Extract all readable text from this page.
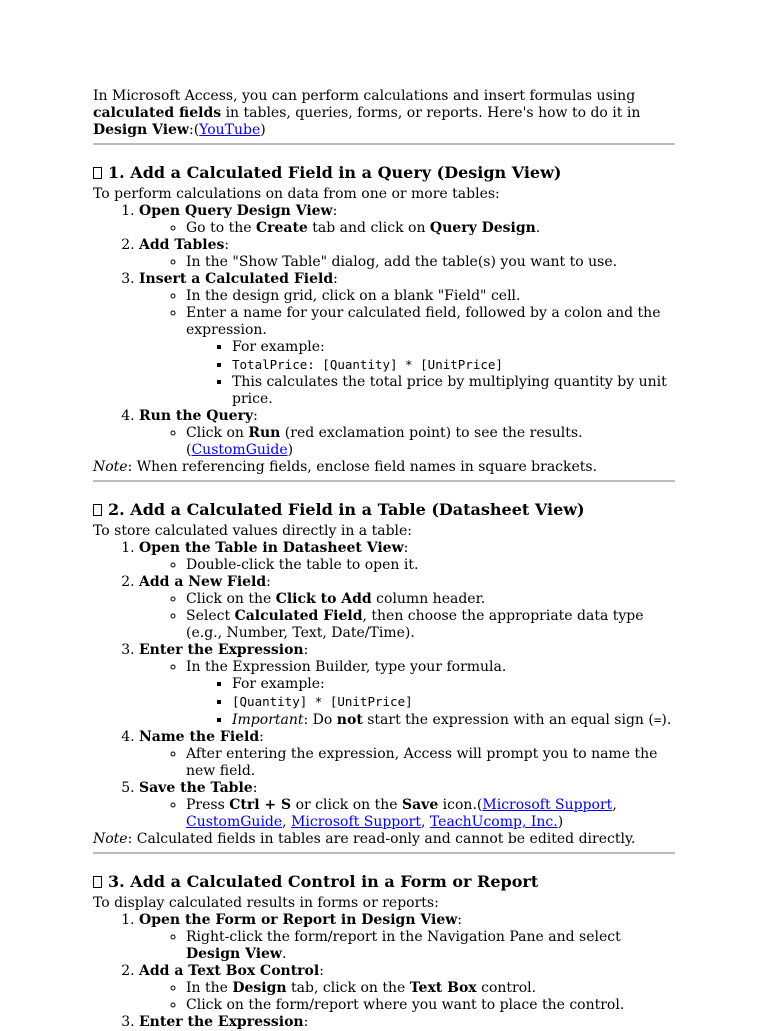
In Microsoft Access, you can perform calculations and insert formulas using calculated fields in tables, queries, forms, or reports. Here's how to do it in Design View:(YouTube)

1. Add a Calculated Field in a Query (Design View)

To perform calculations on data from one or more tables:

1. Open Query Design View:
◦ Go to the Create tab and click on Query Design.
2. Add Tables:
◦ In the "Show Table" dialog, add the table(s) you want to use.
3. Insert a Calculated Field:
◦ In the design grid, click on a blank "Field" cell.
◦ Enter a name for your calculated field, followed by a colon and the expression.
▪ For example:
▪ TotalPrice: [Quantity] * [UnitPrice]
▪ This calculates the total price by multiplying quantity by unit price.
4. Run the Query:
◦ Click on Run (red exclamation point) to see the results.(CustomGuide)

Note: When referencing fields, enclose field names in square brackets.

2. Add a Calculated Field in a Table (Datasheet View)

To store calculated values directly in a table:

1. Open the Table in Datasheet View:
◦ Double-click the table to open it.
2. Add a New Field:
◦ Click on the Click to Add column header.
◦ Select Calculated Field, then choose the appropriate data type (e.g., Number, Text, Date/Time).
3. Enter the Expression:
◦ In the Expression Builder, type your formula.
▪ For example:
▪ [Quantity] * [UnitPrice]
▪ Important: Do not start the expression with an equal sign (=).
4. Name the Field:
◦ After entering the expression, Access will prompt you to name the new field.
5. Save the Table:
◦ Press Ctrl + S or click on the Save icon.(Microsoft Support, CustomGuide, Microsoft Support, TeachUcomp, Inc.)

Note: Calculated fields in tables are read-only and cannot be edited directly.

3. Add a Calculated Control in a Form or Report

To display calculated results in forms or reports:

1. Open the Form or Report in Design View:
◦ Right-click the form/report in the Navigation Pane and select Design View.
2. Add a Text Box Control:
◦ In the Design tab, click on the Text Box control.
◦ Click on the form/report where you want to place the control.
3. Enter the Expression:
